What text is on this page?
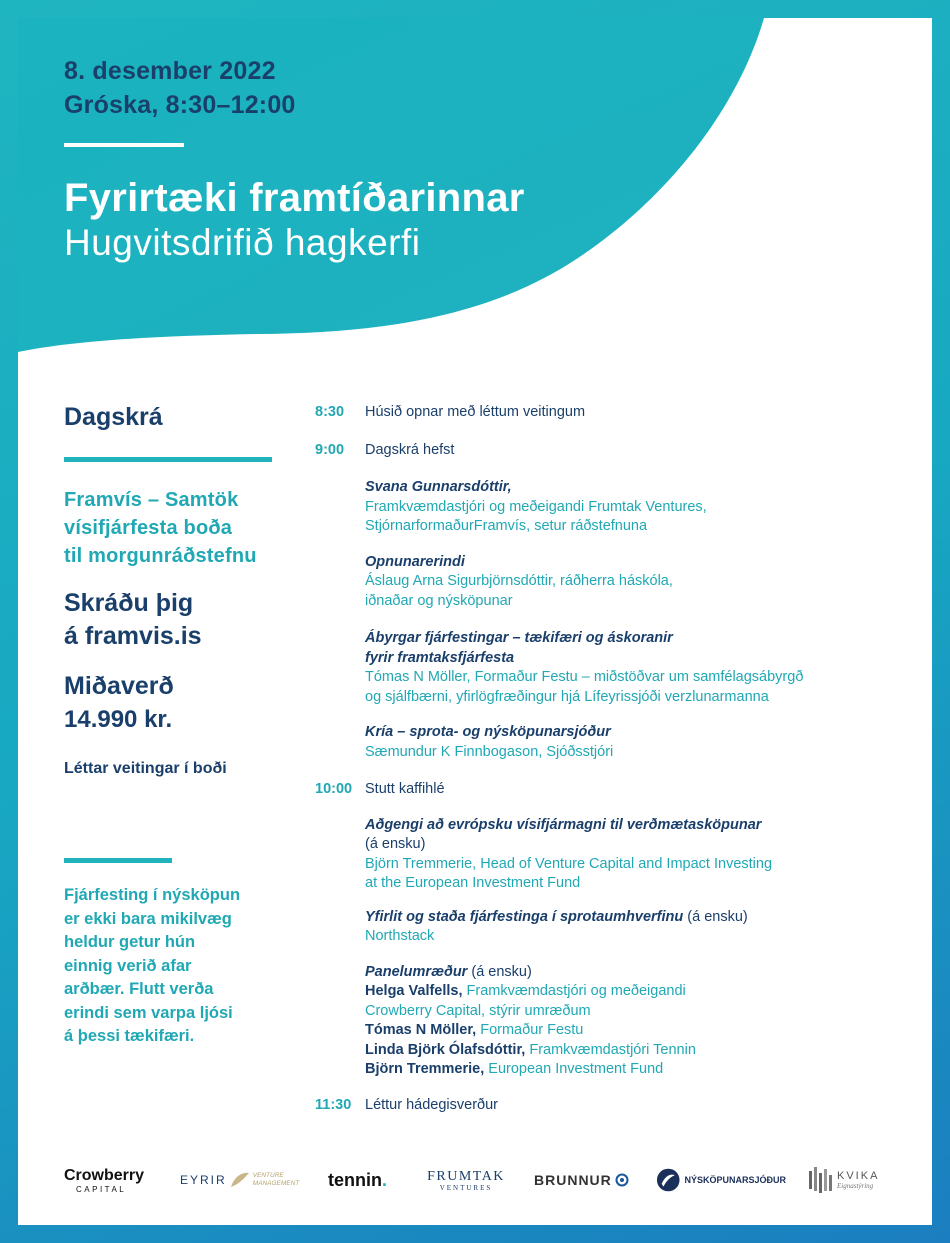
8. desember 2022
Gróska, 8:30–12:00
Fyrirtæki framtíðarinnar
Hugvitsdrifið hagkerfi
Dagskrá
Framvís – Samtök
vísifjárfesta boða
til morgunráðstefnu
Skráðu þig
á framvis.is
Miðaverð
14.990 kr.
Léttar veitingar í boði
Fjárfesting í nýsköpun
er ekki bara mikilvæg
heldur getur hún
einnig verið afar
arðbær. Flutt verða
erindi sem varpa ljósi
á þessi tækifæri.
8:30 Húsið opnar með léttum veitingum
9:00 Dagskrá hefst
Svana Gunnarsdóttir,
Framkvæmdastjóri og meðeigandi Frumtak Ventures,
StjórnarformaðurFramvís, setur ráðstefnuna
Opnunarerindi
Áslaug Arna Sigurbjörnsdóttir, ráðherra háskóla,
iðnaðar og nýsköpunar
Ábyrgar fjárfestingar – tækifæri og áskoranir
fyrir framtaksfjárfesta
Tómas N Möller, Formaður Festu – miðstöðvar um samfélagsábyrgð
og sjálfbærni, yfirlögfræðingur hjá Lífeyrissjóði verzlunarmanna
Kría – sprota- og nýsköpunarsjóður
Sæmundur K Finnbogason, Sjóðsstjóri
10:00 Stutt kaffihlé
Aðgengi að evrópsku vísifjármagni til verðmætasköpunar
(á ensku)
Björn Tremmerie, Head of Venture Capital and Impact Investing
at the European Investment Fund
Yfirlit og staða fjárfestinga í sprotaumhverfinu (á ensku)
Northstack
Panelumræður (á ensku)
Helga Valfells, Framkvæmdastjóri og meðeigandi
Crowberry Capital, stýrir umræðum
Tómas N Möller, Formaður Festu
Linda Björk Ólafsdóttir, Framkvæmdastjóri Tennin
Björn Tremmerie, European Investment Fund
11:30 Léttur hádegisverður
Crowberry
CAPITAL
EYRIR	VENTURE
MANAGEMENT tennin .	FRUMTAK
VENTURES	BRUNNUR	NÝSKÖPUNARSJÓÐUR	KVIKA
Eignastýring
